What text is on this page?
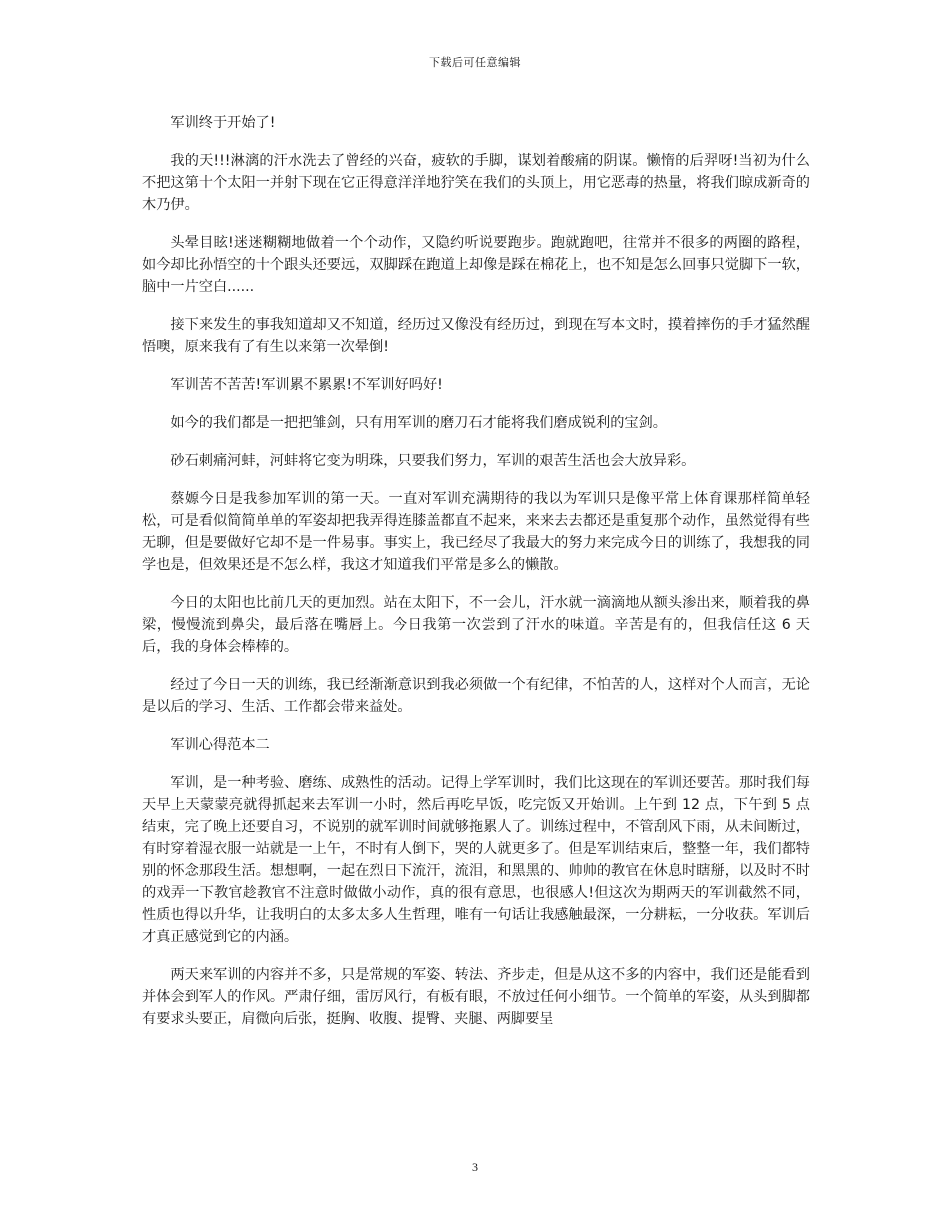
下载后可任意编辑

军训终于开始了!

我的天!!!淋漓的汗水洗去了曾经的兴奋，疲软的手脚，谋划着酸痛的阴谋。懒惰的后羿呀!当初为什么不把这第十个太阳一并射下现在它正得意洋洋地狞笑在我们的头顶上，用它恶毒的热量，将我们晾成新奇的木乃伊。

头晕目眩!迷迷糊糊地做着一个个动作，又隐约听说要跑步。跑就跑吧，往常并不很多的两圈的路程，如今却比孙悟空的十个跟头还要远，双脚踩在跑道上却像是踩在棉花上，也不知是怎么回事只觉脚下一软，脑中一片空白......

接下来发生的事我知道却又不知道，经历过又像没有经历过，到现在写本文时，摸着摔伤的手才猛然醒悟噢，原来我有了有生以来第一次晕倒!

军训苦不苦苦!军训累不累累!不军训好吗好!

如今的我们都是一把把雏剑，只有用军训的磨刀石才能将我们磨成锐利的宝剑。

砂石刺痛河蚌，河蚌将它变为明珠，只要我们努力，军训的艰苦生活也会大放异彩。

蔡嫄今日是我参加军训的第一天。一直对军训充满期待的我以为军训只是像平常上体育课那样简单轻松，可是看似简简单单的军姿却把我弄得连膝盖都直不起来，来来去去都还是重复那个动作，虽然觉得有些无聊，但是要做好它却不是一件易事。事实上，我已经尽了我最大的努力来完成今日的训练了，我想我的同学也是，但效果还是不怎么样，我这才知道我们平常是多么的懒散。

今日的太阳也比前几天的更加烈。站在太阳下，不一会儿，汗水就一滴滴地从额头渗出来，顺着我的鼻梁，慢慢流到鼻尖，最后落在嘴唇上。今日我第一次尝到了汗水的味道。辛苦是有的，但我信任这 6 天后，我的身体会棒棒的。

经过了今日一天的训练，我已经渐渐意识到我必须做一个有纪律，不怕苦的人，这样对个人而言，无论是以后的学习、生活、工作都会带来益处。

军训心得范本二

军训，是一种考验、磨练、成熟性的活动。记得上学军训时，我们比这现在的军训还要苦。那时我们每天早上天蒙蒙亮就得抓起来去军训一小时，然后再吃早饭，吃完饭又开始训。上午到 12 点，下午到 5 点结束，完了晚上还要自习，不说别的就军训时间就够拖累人了。训练过程中，不管刮风下雨，从未间断过，有时穿着湿衣服一站就是一上午，不时有人倒下，哭的人就更多了。但是军训结束后，整整一年，我们都特别的怀念那段生活。想想啊，一起在烈日下流汗，流泪，和黑黑的、帅帅的教官在休息时瞎掰，以及时不时的戏弄一下教官趁教官不注意时做做小动作，真的很有意思，也很感人!但这次为期两天的军训截然不同，性质也得以升华，让我明白的太多太多人生哲理，唯有一句话让我感触最深，一分耕耘，一分收获。军训后才真正感觉到它的内涵。

两天来军训的内容并不多，只是常规的军姿、转法、齐步走，但是从这不多的内容中，我们还是能看到并体会到军人的作风。严肃仔细，雷厉风行，有板有眼，不放过任何小细节。一个简单的军姿，从头到脚都有要求头要正，肩微向后张，挺胸、收腹、提臀、夹腿、两脚要呈

3
